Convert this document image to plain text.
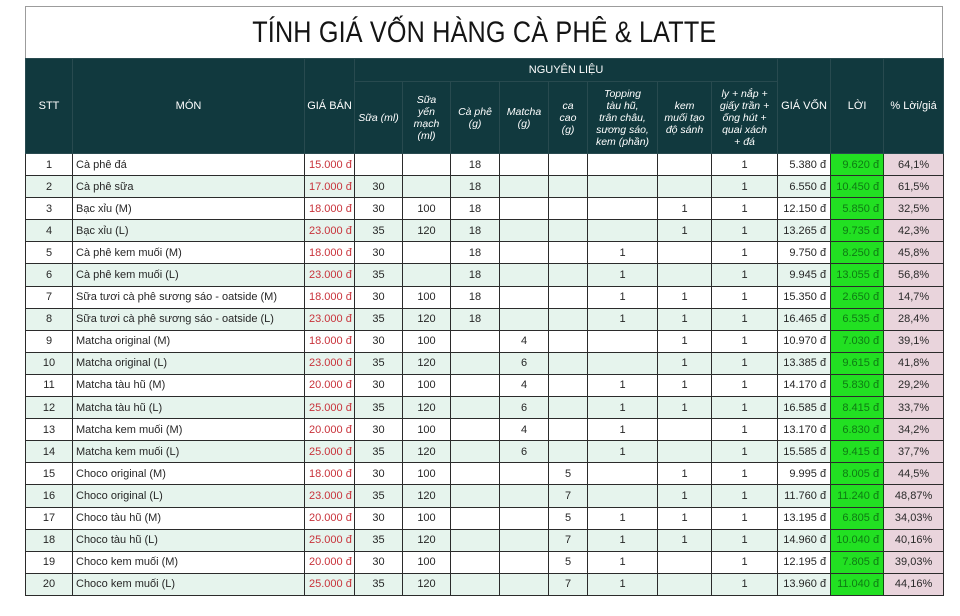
TÍNH GIÁ VỐN HÀNG CÀ PHÊ & LATTE
STT	MÓN	GIÁ BÁN	NGUYÊN LIỆU								GIÁ VỐN	LỜI	% Lời/giá
			Sữa (ml)	Sữa
yến
mạch
(ml)	Cà phê
(g)	Matcha
(g)	ca
cao
(g)	Topping
tàu hũ,
trân châu,
sương sáo,
kem (phần)	kem
muối tạo
độ sánh	ly + nắp +
giấy trần +
ống hút +
quai xách
+ đá			
1	Cà phê đá	15.000 đ			18					1	5.380 đ	9.620 đ	64,1%
2	Cà phê sữa	17.000 đ	30		18					1	6.550 đ	10.450 đ	61,5%
3	Bạc xỉu (M)	18.000 đ	30	100	18				1	1	12.150 đ	5.850 đ	32,5%
4	Bạc xỉu (L)	23.000 đ	35	120	18				1	1	13.265 đ	9.735 đ	42,3%
5	Cà phê kem muối (M)	18.000 đ	30		18			1		1	9.750 đ	8.250 đ	45,8%
6	Cà phê kem muối (L)	23.000 đ	35		18			1		1	9.945 đ	13.055 đ	56,8%
7	Sữa tươi cà phê sương sáo - oatside (M)	18.000 đ	30	100	18			1	1	1	15.350 đ	2.650 đ	14,7%
8	Sữa tươi cà phê sương sáo - oatside (L)	23.000 đ	35	120	18			1	1	1	16.465 đ	6.535 đ	28,4%
9	Matcha original (M)	18.000 đ	30	100		4			1	1	10.970 đ	7.030 đ	39,1%
10	Matcha original (L)	23.000 đ	35	120		6			1	1	13.385 đ	9.615 đ	41,8%
11	Matcha tàu hũ (M)	20.000 đ	30	100		4		1	1	1	14.170 đ	5.830 đ	29,2%
12	Matcha tàu hũ (L)	25.000 đ	35	120		6		1	1	1	16.585 đ	8.415 đ	33,7%
13	Matcha kem muối (M)	20.000 đ	30	100		4		1		1	13.170 đ	6.830 đ	34,2%
14	Matcha kem muối (L)	25.000 đ	35	120		6		1		1	15.585 đ	9.415 đ	37,7%
15	Choco original (M)	18.000 đ	30	100			5		1	1	9.995 đ	8.005 đ	44,5%
16	Choco original (L)	23.000 đ	35	120			7		1	1	11.760 đ	11.240 đ	48,87%
17	Choco tàu hũ (M)	20.000 đ	30	100			5	1	1	1	13.195 đ	6.805 đ	34,03%
18	Choco tàu hũ (L)	25.000 đ	35	120			7	1	1	1	14.960 đ	10.040 đ	40,16%
19	Choco kem muối (M)	20.000 đ	30	100			5	1		1	12.195 đ	7.805 đ	39,03%
20	Choco kem muối (L)	25.000 đ	35	120			7	1		1	13.960 đ	11.040 đ	44,16%
